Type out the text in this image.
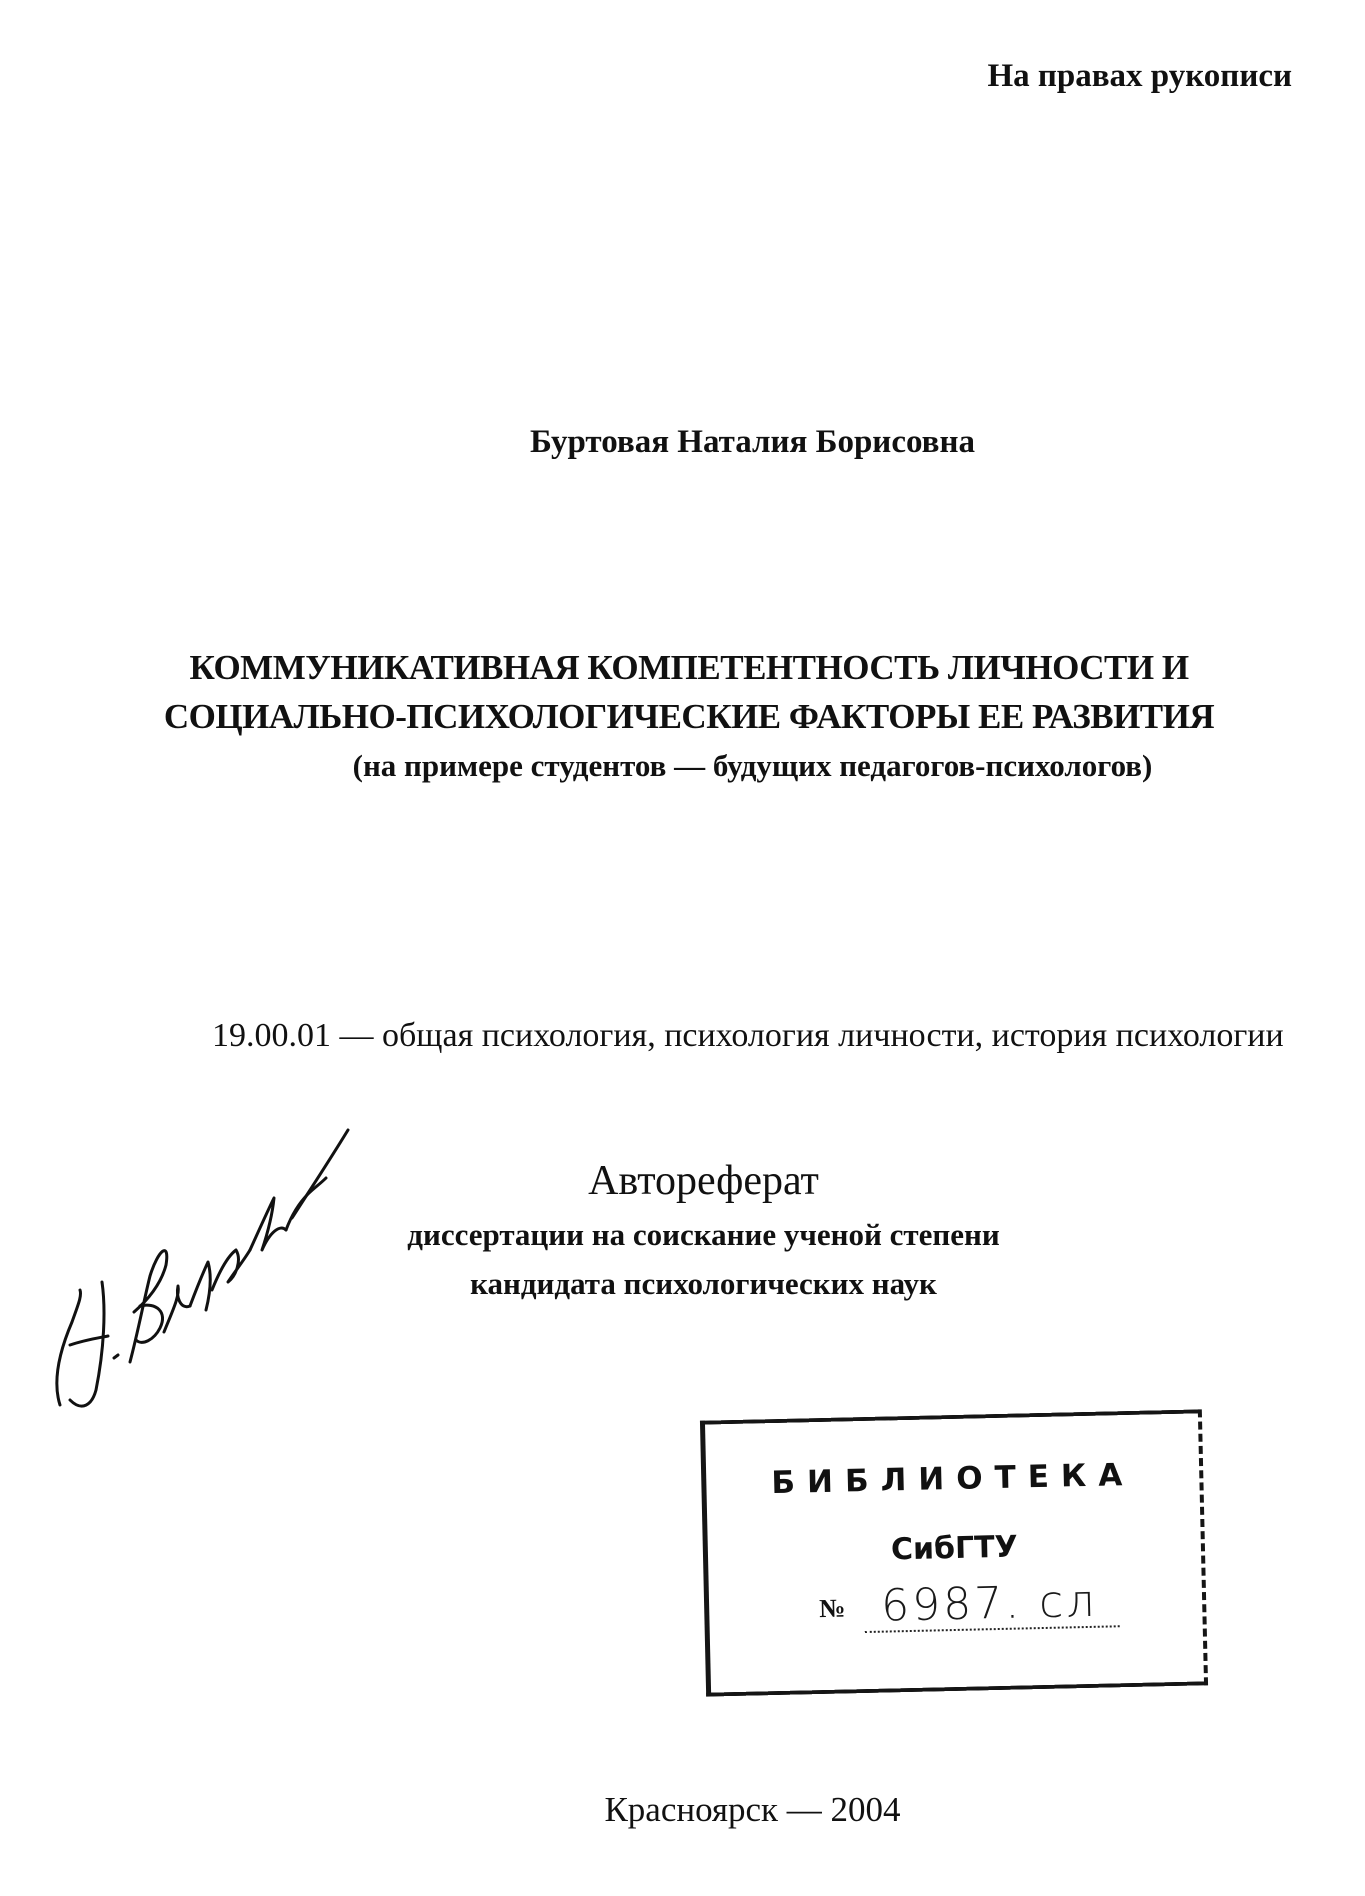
На правах рукописи
Буртовая Наталия Борисовна
КОММУНИКАТИВНАЯ КОМПЕТЕНТНОСТЬ ЛИЧНОСТИ И
СОЦИАЛЬНО-ПСИХОЛОГИЧЕСКИЕ ФАКТОРЫ ЕЕ РАЗВИТИЯ
(на примере студентов — будущих педагогов-психологов)
19.00.01 — общая психология, психология личности, история психологии
Автореферат
диссертации на соискание ученой степени
кандидата психологических наук
БИБЛИОТЕКА
СибГТУ
№ 6987. сл
Красноярск — 2004
